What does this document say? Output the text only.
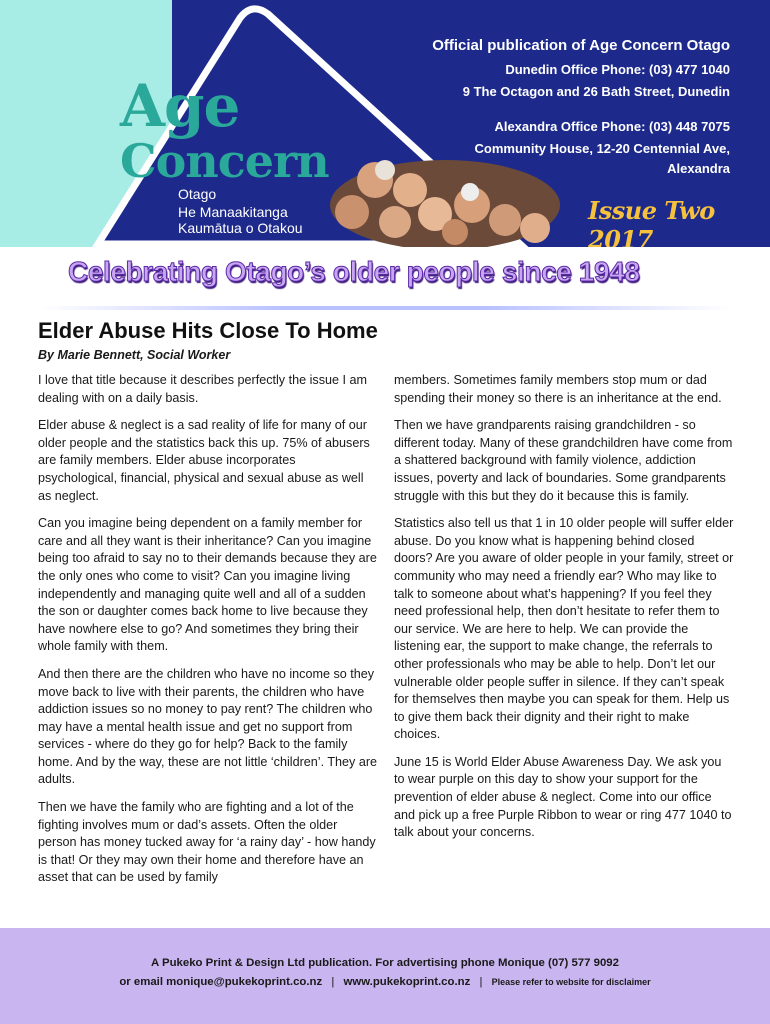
Age
Concern
Otago
He Manaakitanga
Kaumātua o Otakou
Official publication of Age Concern Otago
Dunedin Office Phone: (03) 477 1040
9 The Octagon and 26 Bath Street, Dunedin
Alexandra Office Phone: (03) 448 7075
Community House, 12-20 Centennial Ave,
Alexandra
Issue Two 2017
Celebrating Otago’s older people since 1948
Elder Abuse Hits Close To Home
By Marie Bennett, Social Worker

I love that title because it describes perfectly the issue I am dealing with on a daily basis.

Elder abuse & neglect is a sad reality of life for many of our older people and the statistics back this up. 75% of abusers are family members. Elder abuse incorporates psychological, financial, physical and sexual abuse as well as neglect.

Can you imagine being dependent on a family member for care and all they want is their inheritance? Can you imagine being too afraid to say no to their demands because they are the only ones who come to visit? Can you imagine living independently and managing quite well and all of a sudden the son or daughter comes back home to live because they have nowhere else to go? And sometimes they bring their whole family with them.

And then there are the children who have no income so they move back to live with their parents, the children who have addiction issues so no money to pay rent? The children who may have a mental health issue and get no support from services - where do they go for help? Back to the family home. And by the way, these are not little ‘children’. They are adults.

Then we have the family who are fighting and a lot of the fighting involves mum or dad’s assets. Often the older person has money tucked away for ‘a rainy day’ - how handy is that! Or they may own their home and therefore have an asset that can be used by family

members. Sometimes family members stop mum or dad spending their money so there is an inheritance at the end.

Then we have grandparents raising grandchildren - so different today. Many of these grandchildren have come from a shattered background with family violence, addiction issues, poverty and lack of boundaries. Some grandparents struggle with this but they do it because this is family.

Statistics also tell us that 1 in 10 older people will suffer elder abuse. Do you know what is happening behind closed doors? Are you aware of older people in your family, street or community who may need a friendly ear? Who may like to talk to someone about what’s happening? If you feel they need professional help, then don’t hesitate to refer them to our service. We are here to help. We can provide the listening ear, the support to make change, the referrals to other professionals who may be able to help. Don’t let our vulnerable older people suffer in silence. If they can’t speak for themselves then maybe you can speak for them. Help us to give them back their dignity and their right to make choices.

June 15 is World Elder Abuse Awareness Day. We ask you to wear purple on this day to show your support for the prevention of elder abuse & neglect. Come into our office and pick up a free Purple Ribbon to wear or ring 477 1040 to talk about your concerns.

A Pukeko Print & Design Ltd publication. For advertising phone Monique (07) 577 9092
or email monique@pukekoprint.co.nz | www.pukekoprint.co.nz | Please refer to website for disclaimer
